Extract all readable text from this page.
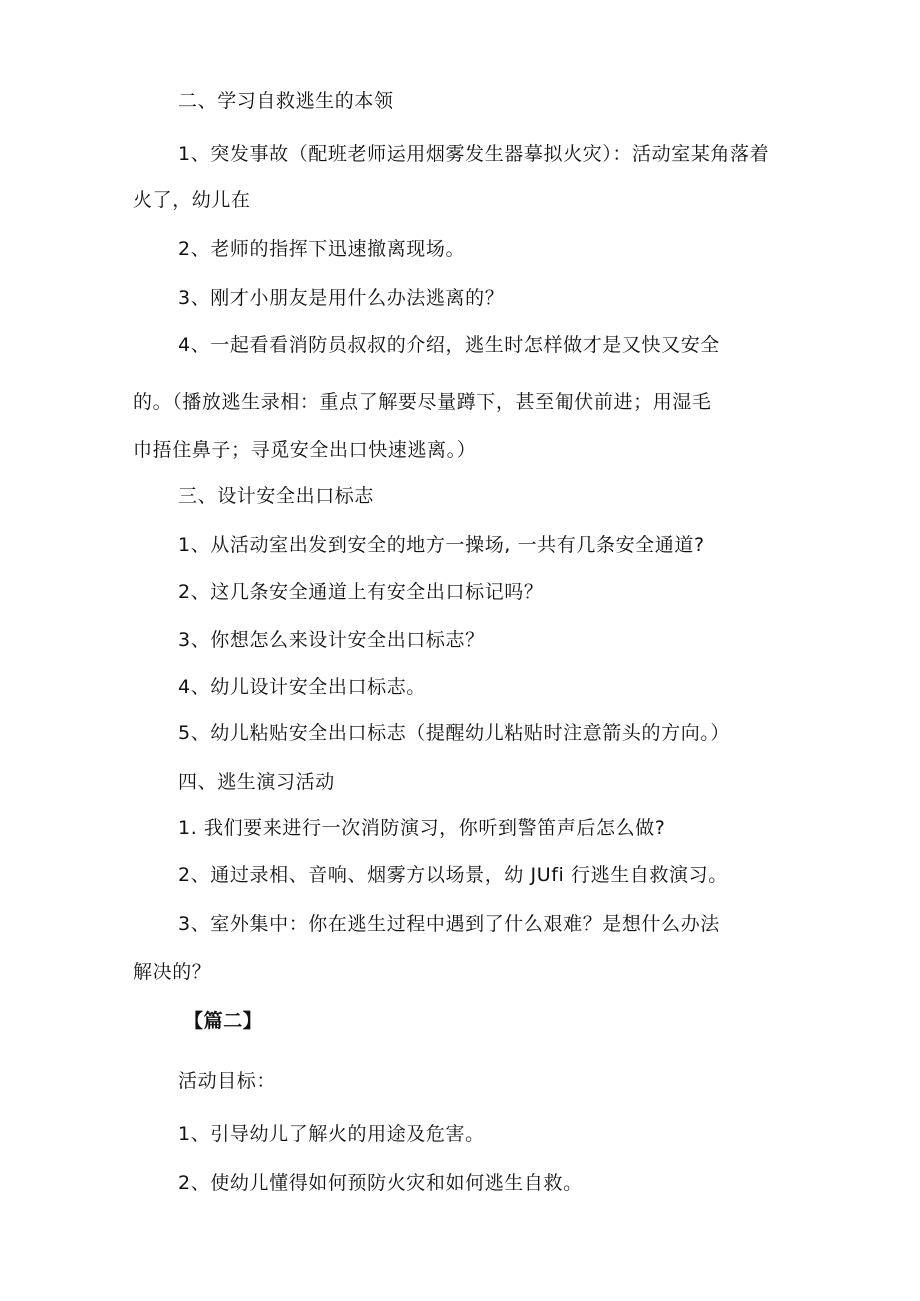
二、学习自救逃生的本领
1、突发事故（配班老师运用烟雾发生器摹拟火灾）：活动室某角落着
火了，幼儿在
2、老师的指挥下迅速撤离现场。
3、刚才小朋友是用什么办法逃离的？
4、一起看看消防员叔叔的介绍，逃生时怎样做才是又快又安全
的。（播放逃生录相：重点了解要尽量蹲下，甚至匍伏前进；用湿毛
巾捂住鼻子；寻觅安全出口快速逃离。）
三、设计安全出口标志
1、从活动室出发到安全的地方一操场, 一共有几条安全通道?
2、这几条安全通道上有安全出口标记吗？
3、你想怎么来设计安全出口标志？
4、幼儿设计安全出口标志。
5、幼儿粘贴安全出口标志（提醒幼儿粘贴时注意箭头的方向。）
四、逃生演习活动
1. 我们要来进行一次消防演习，你听到警笛声后怎么做?
2、通过录相、音响、烟雾方以场景，幼 JUfi 行逃生自救演习。
3、室外集中：你在逃生过程中遇到了什么艰难？是想什么办法
解决的？
【篇二】
活动目标：
1、引导幼儿了解火的用途及危害。
2、使幼儿懂得如何预防火灾和如何逃生自救。
